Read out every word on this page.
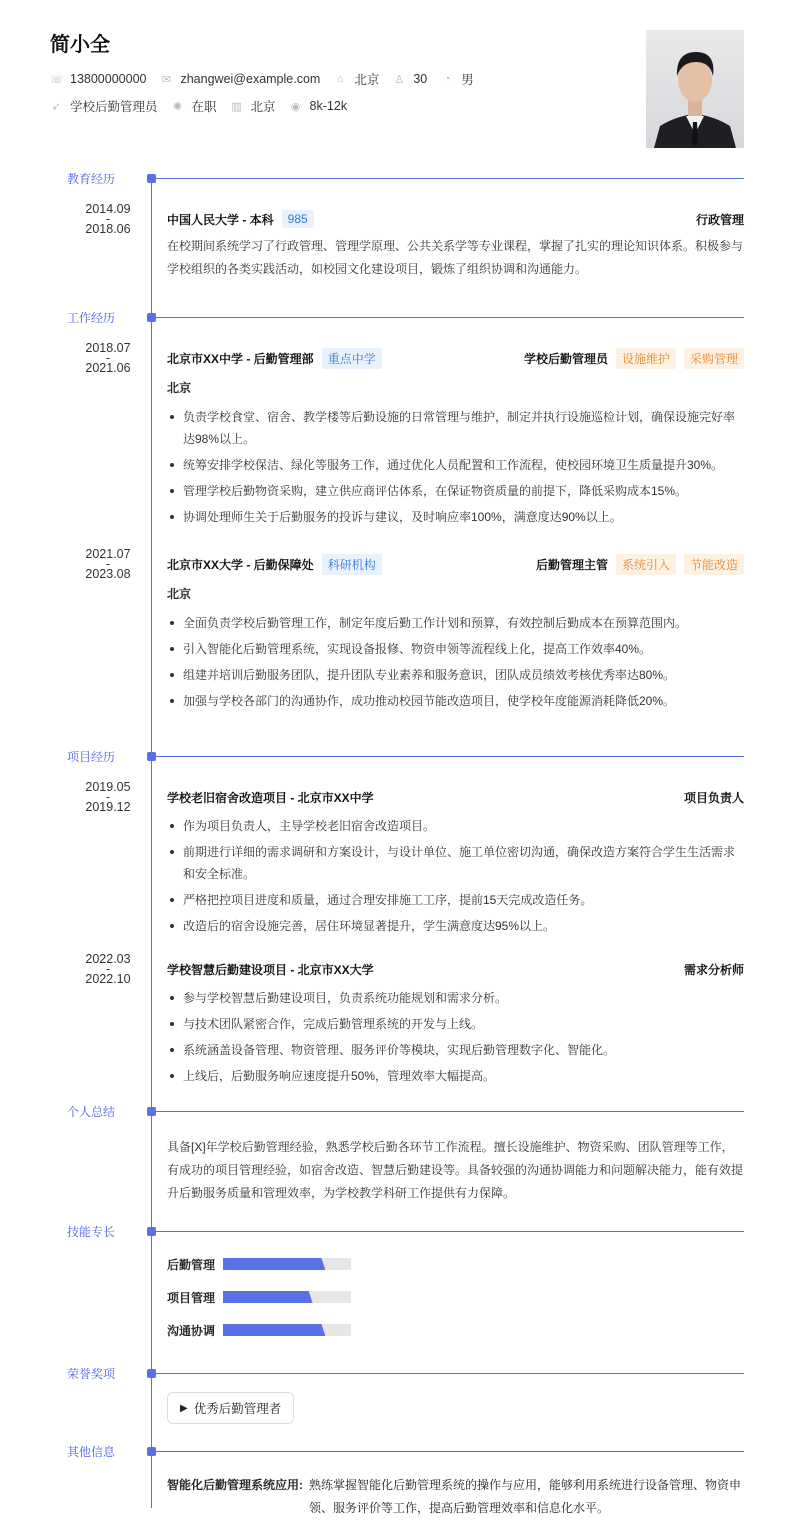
简小全
☏ 13800000000 ✉ zhangwei@example.com ⌂ 北京 ♙ 30 ◔ 男
➶ 学校后勤管理员 ✺ 在职 ▥ 北京 ◉ 8k-12k
教育经历
2014.09
-
2018.06
中国人民大学 - 本科	985	行政管理
在校期间系统学习了行政管理、管理学原理、公共关系学等专业课程，掌握了扎实的理论知识体系。积极参与学校组织的各类实践活动，如校园文化建设项目，锻炼了组织协调和沟通能力。
工作经历
2018.07
-
2021.06
北京市XX中学 - 后勤管理部	重点中学	学校后勤管理员	设施维护	采购管理
北京
负责学校食堂、宿舍、教学楼等后勤设施的日常管理与维护，制定并执行设施巡检计划，确保设施完好率达98%以上。
统筹安排学校保洁、绿化等服务工作，通过优化人员配置和工作流程，使校园环境卫生质量提升30%。
管理学校后勤物资采购，建立供应商评估体系，在保证物资质量的前提下，降低采购成本15%。
协调处理师生关于后勤服务的投诉与建议，及时响应率100%，满意度达90%以上。
2021.07
-
2023.08
北京市XX大学 - 后勤保障处	科研机构	后勤管理主管	系统引入	节能改造
北京
全面负责学校后勤管理工作，制定年度后勤工作计划和预算，有效控制后勤成本在预算范围内。
引入智能化后勤管理系统，实现设备报修、物资申领等流程线上化，提高工作效率40%。
组建并培训后勤服务团队，提升团队专业素养和服务意识，团队成员绩效考核优秀率达80%。
加强与学校各部门的沟通协作，成功推动校园节能改造项目，使学校年度能源消耗降低20%。
项目经历
2019.05
-
2019.12
学校老旧宿舍改造项目 - 北京市XX中学	项目负责人
作为项目负责人，主导学校老旧宿舍改造项目。
前期进行详细的需求调研和方案设计，与设计单位、施工单位密切沟通，确保改造方案符合学生生活需求和安全标准。
严格把控项目进度和质量，通过合理安排施工工序，提前15天完成改造任务。
改造后的宿舍设施完善，居住环境显著提升，学生满意度达95%以上。
2022.03
-
2022.10
学校智慧后勤建设项目 - 北京市XX大学	需求分析师
参与学校智慧后勤建设项目，负责系统功能规划和需求分析。
与技术团队紧密合作，完成后勤管理系统的开发与上线。
系统涵盖设备管理、物资管理、服务评价等模块，实现后勤管理数字化、智能化。
上线后，后勤服务响应速度提升50%，管理效率大幅提高。
个人总结
具备[X]年学校后勤管理经验，熟悉学校后勤各环节工作流程。擅长设施维护、物资采购、团队管理等工作，有成功的项目管理经验，如宿舍改造、智慧后勤建设等。具备较强的沟通协调能力和问题解决能力，能有效提升后勤服务质量和管理效率，为学校教学科研工作提供有力保障。
技能专长
后勤管理
项目管理
沟通协调
荣誉奖项
▶ 优秀后勤管理者
其他信息
智能化后勤管理系统应用: 熟练掌握智能化后勤管理系统的操作与应用，能够利用系统进行设备管理、物资申领、服务评价等工作，提高后勤管理效率和信息化水平。
